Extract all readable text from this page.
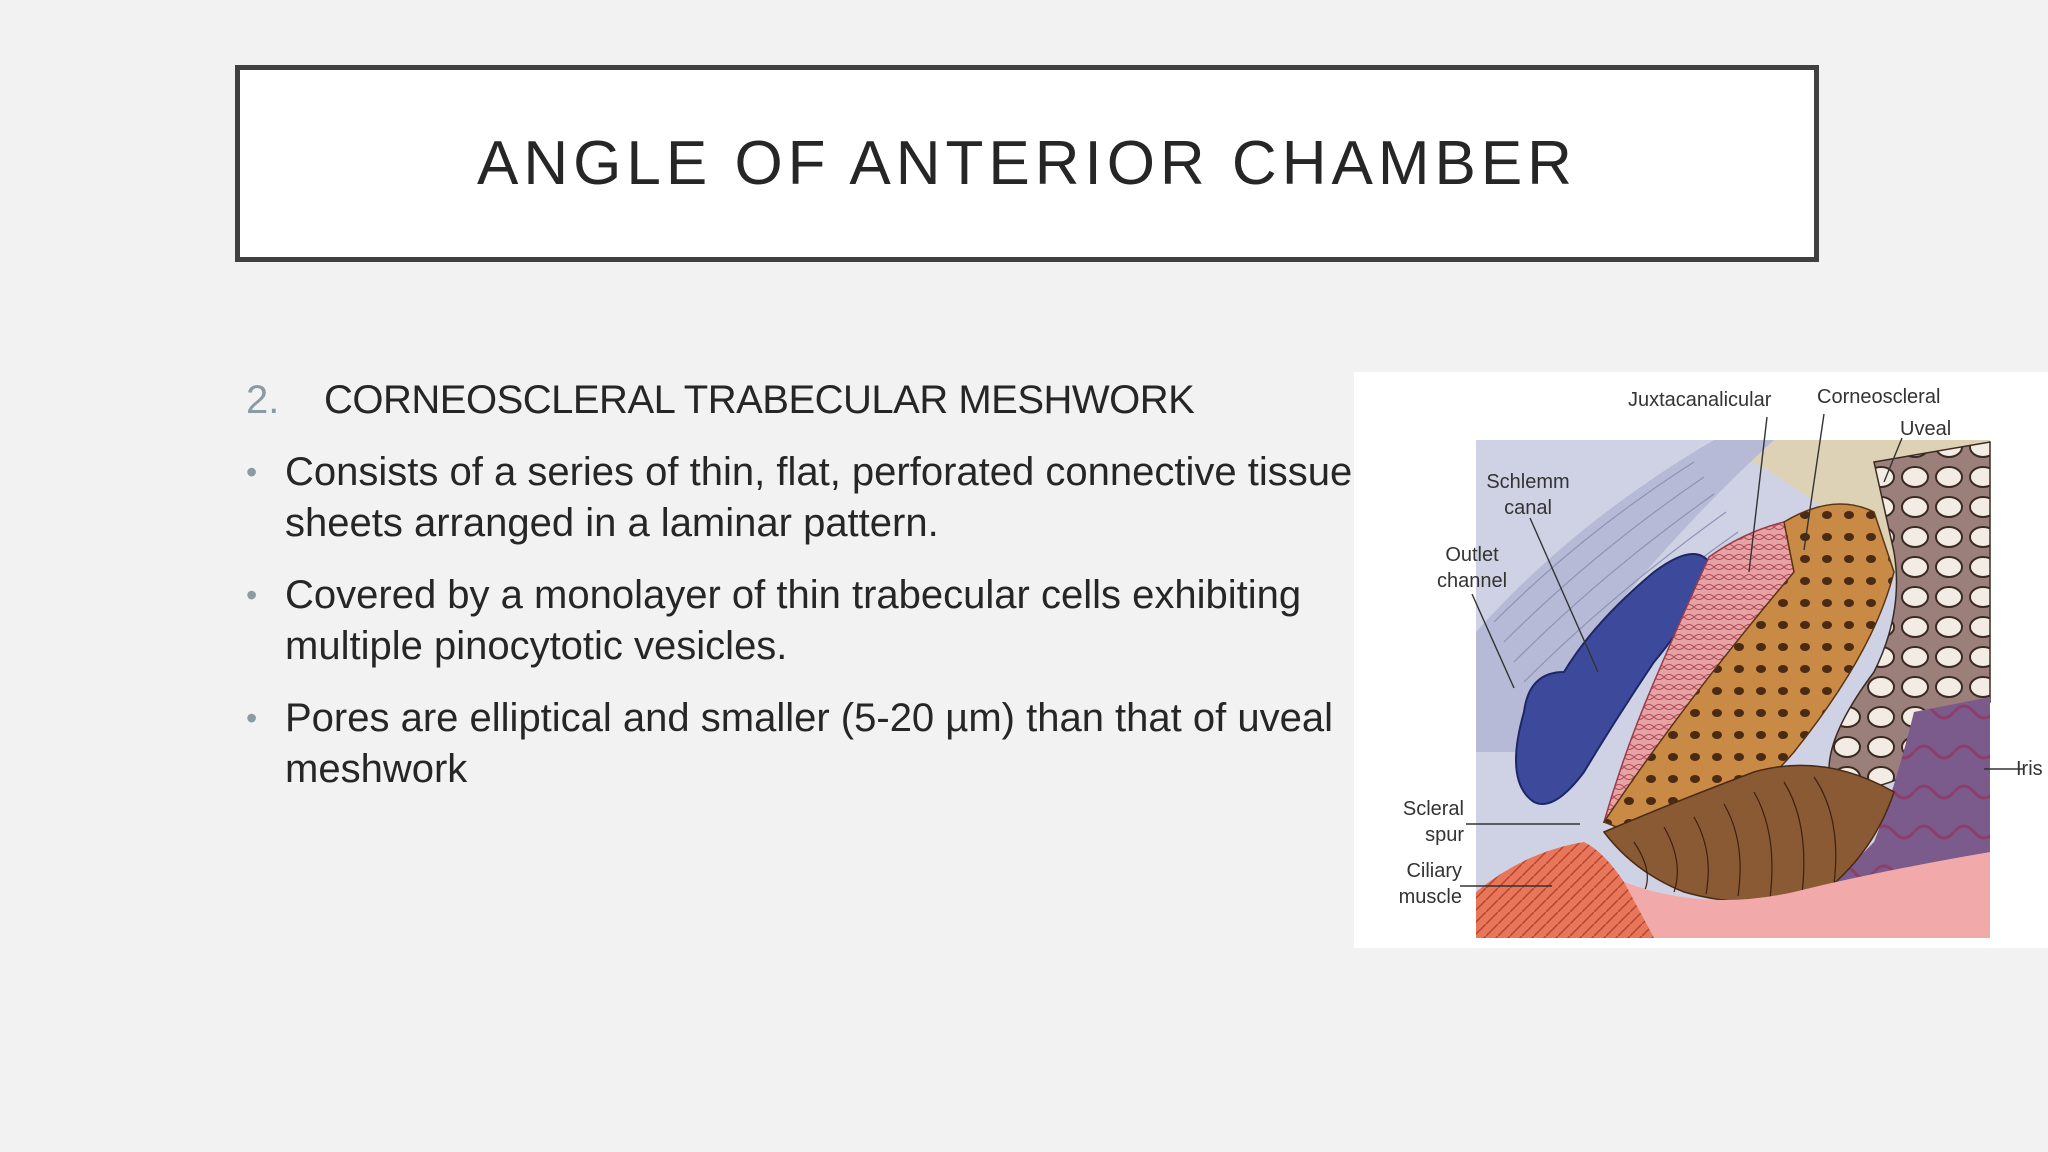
ANGLE OF ANTERIOR CHAMBER
2.	CORNEOSCLERAL TRABECULAR MESHWORK
• Consists of a series of thin, flat, perforated connective tissue sheets arranged in a laminar pattern.
• Covered by a monolayer of thin trabecular cells exhibiting multiple pinocytotic vesicles.
• Pores are elliptical and smaller (5-20 µm) than that of uveal meshwork
Juxtacanalicular Corneoscleral
Uveal
Schlemm
canal
Outlet
channel
Iris
Scleral
spur
Ciliary
muscle
